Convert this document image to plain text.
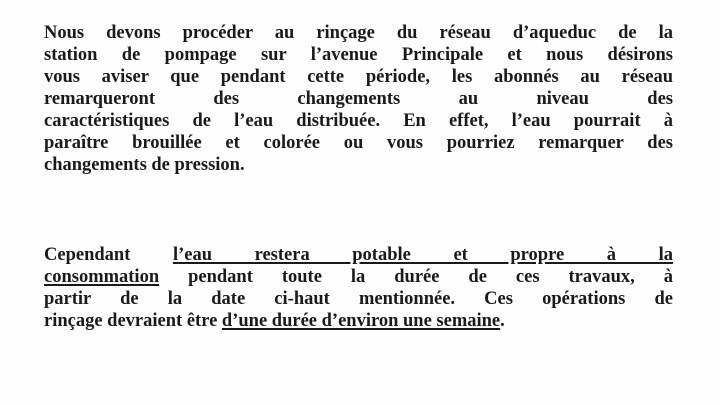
Nous devons procéder au rinçage du réseau d’aqueduc de la
station de pompage sur l’avenue Principale et nous désirons
vous aviser que pendant cette période, les abonnés au réseau
remarqueront des changements au niveau des
caractéristiques de l’eau distribuée. En effet, l’eau pourrait à
paraître brouillée et colorée ou vous pourriez remarquer des
changements de pression.
Cependant l’eau restera potable et propre à la
consommation pendant toute la durée de ces travaux, à
partir de la date ci-haut mentionnée. Ces opérations de
rinçage devraient être d’une durée d’environ une semaine.
